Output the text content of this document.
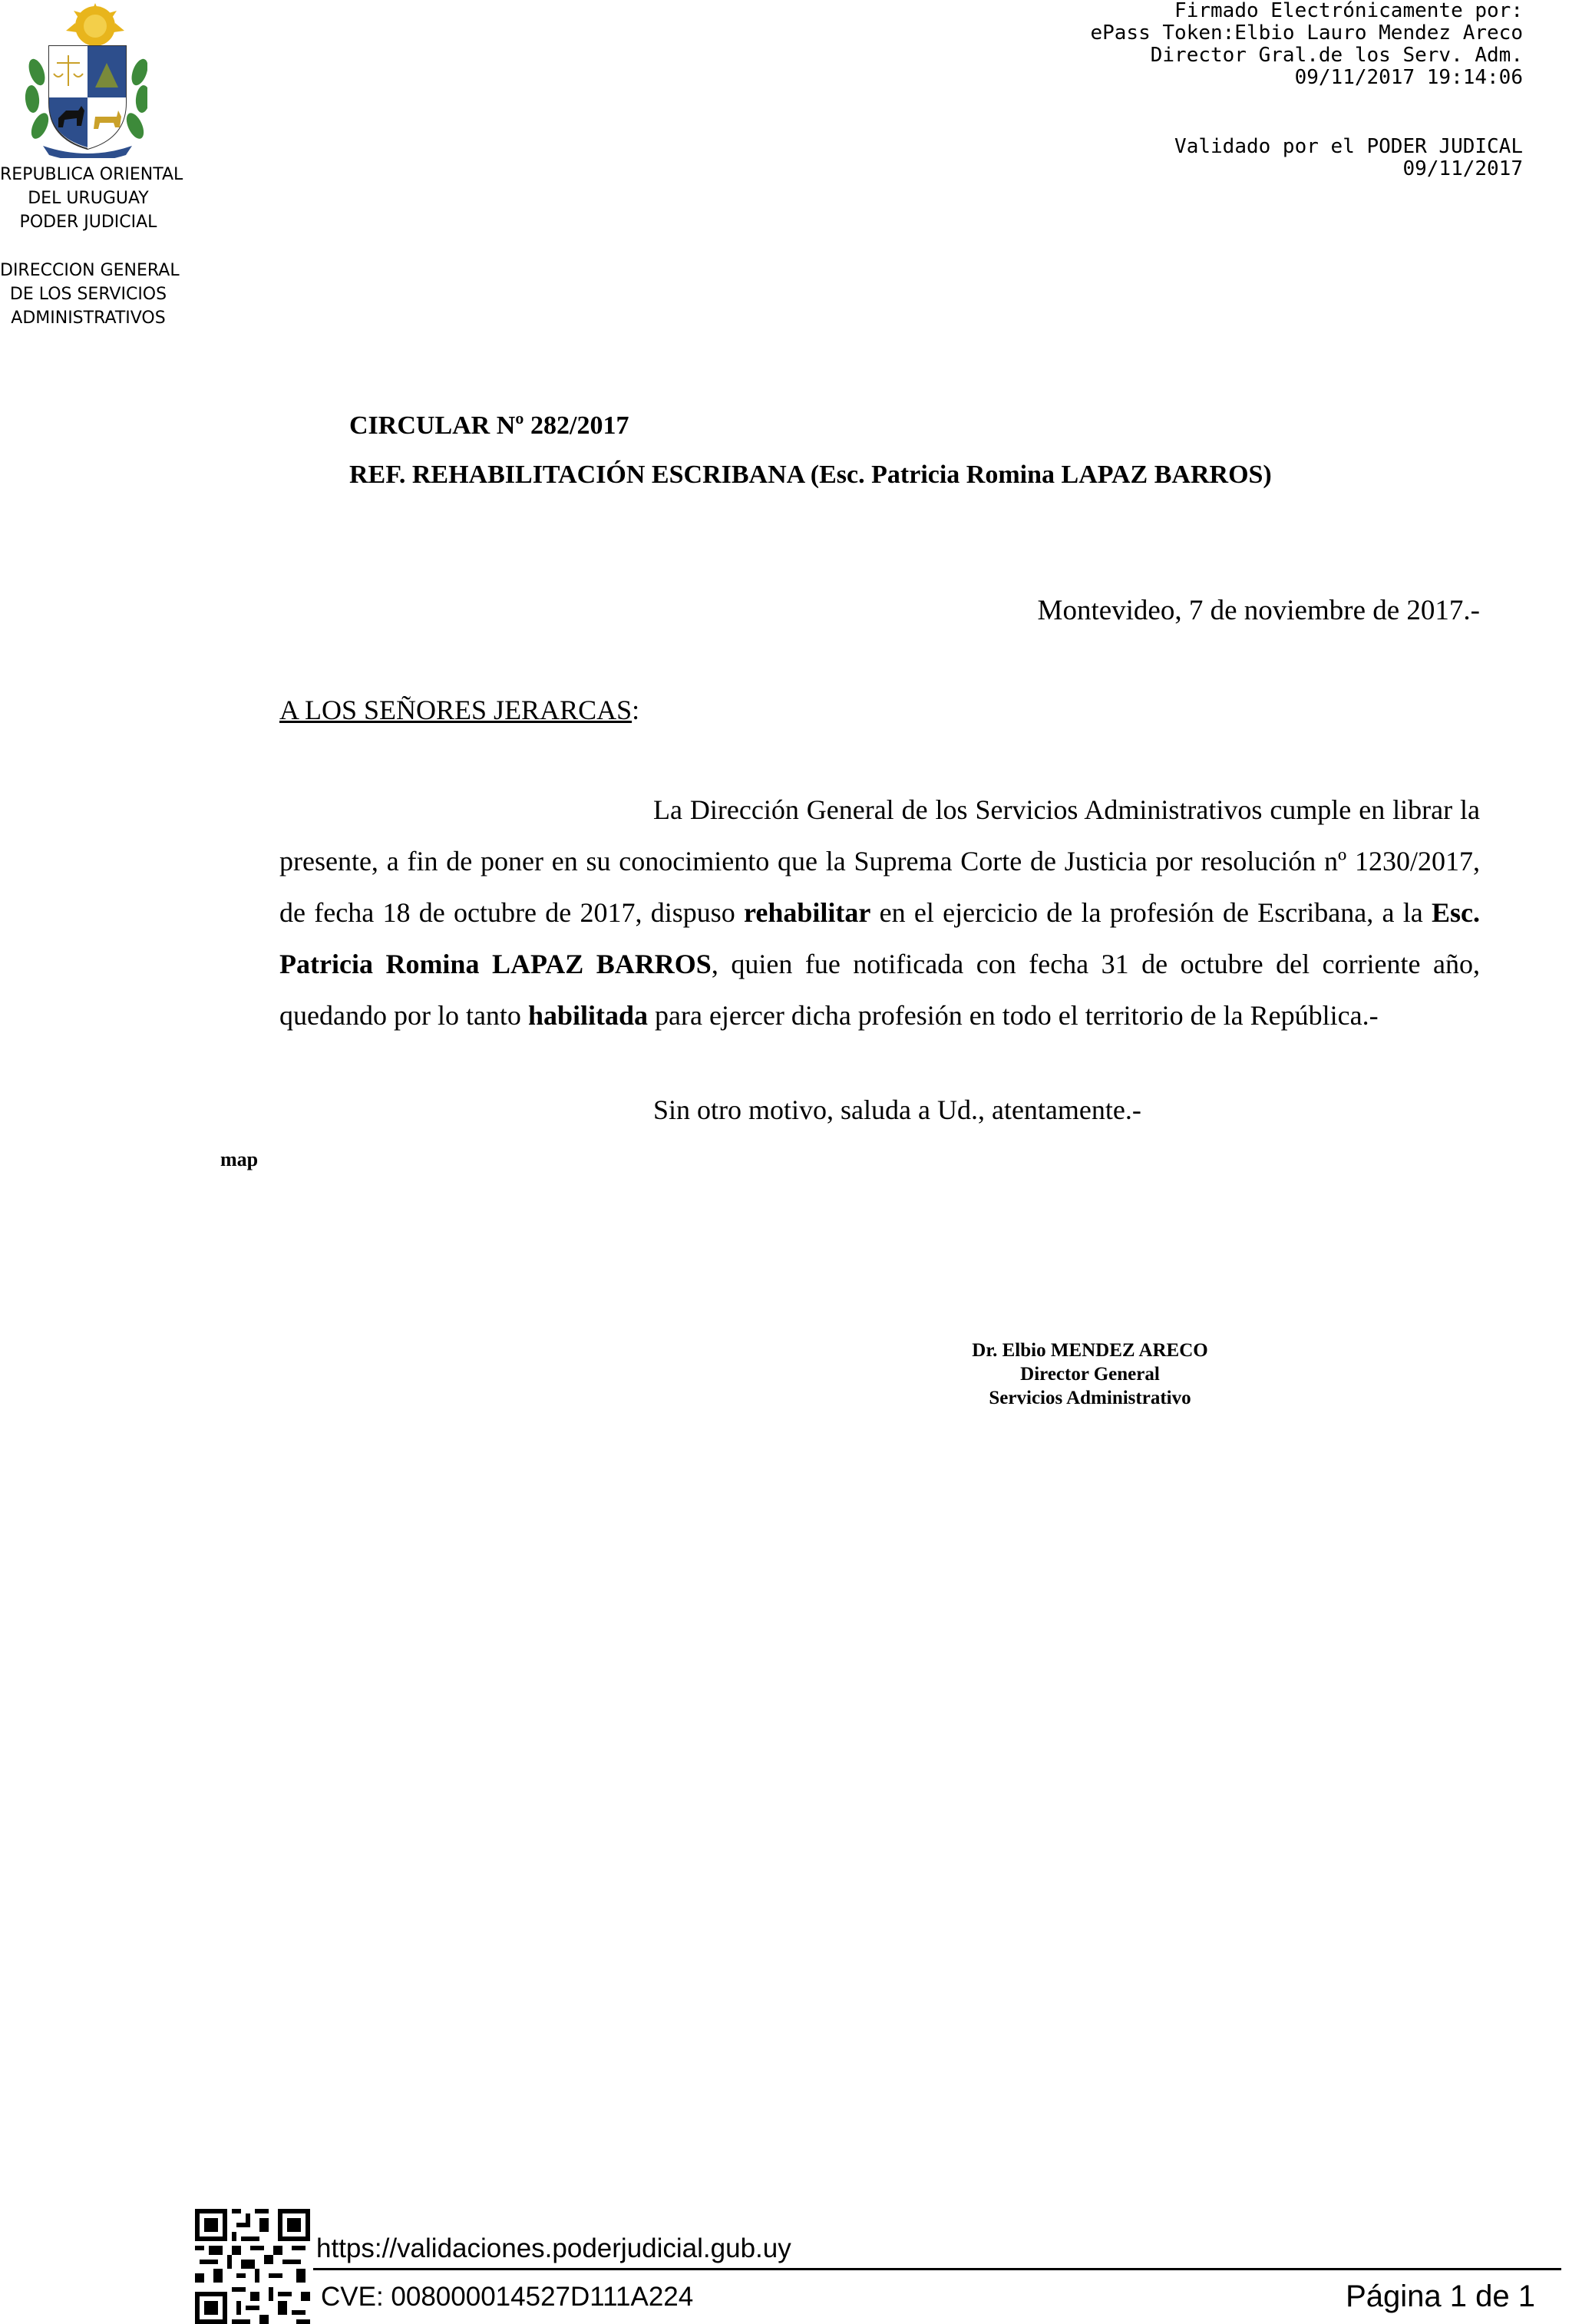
REPUBLICA ORIENTAL
DEL URUGUAY
PODER JUDICIAL
DIRECCION GENERAL
DE LOS SERVICIOS
ADMINISTRATIVOS
Firmado Electrónicamente por:
ePass Token:Elbio Lauro Mendez Areco
Director Gral.de los Serv. Adm.
09/11/2017 19:14:06
Validado por el PODER JUDICAL
09/11/2017
CIRCULAR Nº 282/2017
REF. REHABILITACIÓN ESCRIBANA (Esc. Patricia Romina LAPAZ BARROS)
Montevideo, 7 de noviembre de 2017.-
A LOS SEÑORES JERARCAS:

La Dirección General de los Servicios Administrativos cumple en librar la presente, a fin de poner en su conocimiento que la Suprema Corte de Justicia por resolución nº 1230/2017, de fecha 18 de octubre de 2017, dispuso rehabilitar en el ejercicio de la profesión de Escribana, a la Esc. Patricia Romina LAPAZ BARROS, quien fue notificada con fecha 31 de octubre del corriente año, quedando por lo tanto habilitada para ejercer dicha profesión en todo el territorio de la República.-

Sin otro motivo, saluda a Ud., atentamente.-
map
Dr. Elbio MENDEZ ARECO
Director General
Servicios Administrativo
https://validaciones.poderjudicial.gub.uy
CVE: 008000014527D111A224	Página 1 de 1
